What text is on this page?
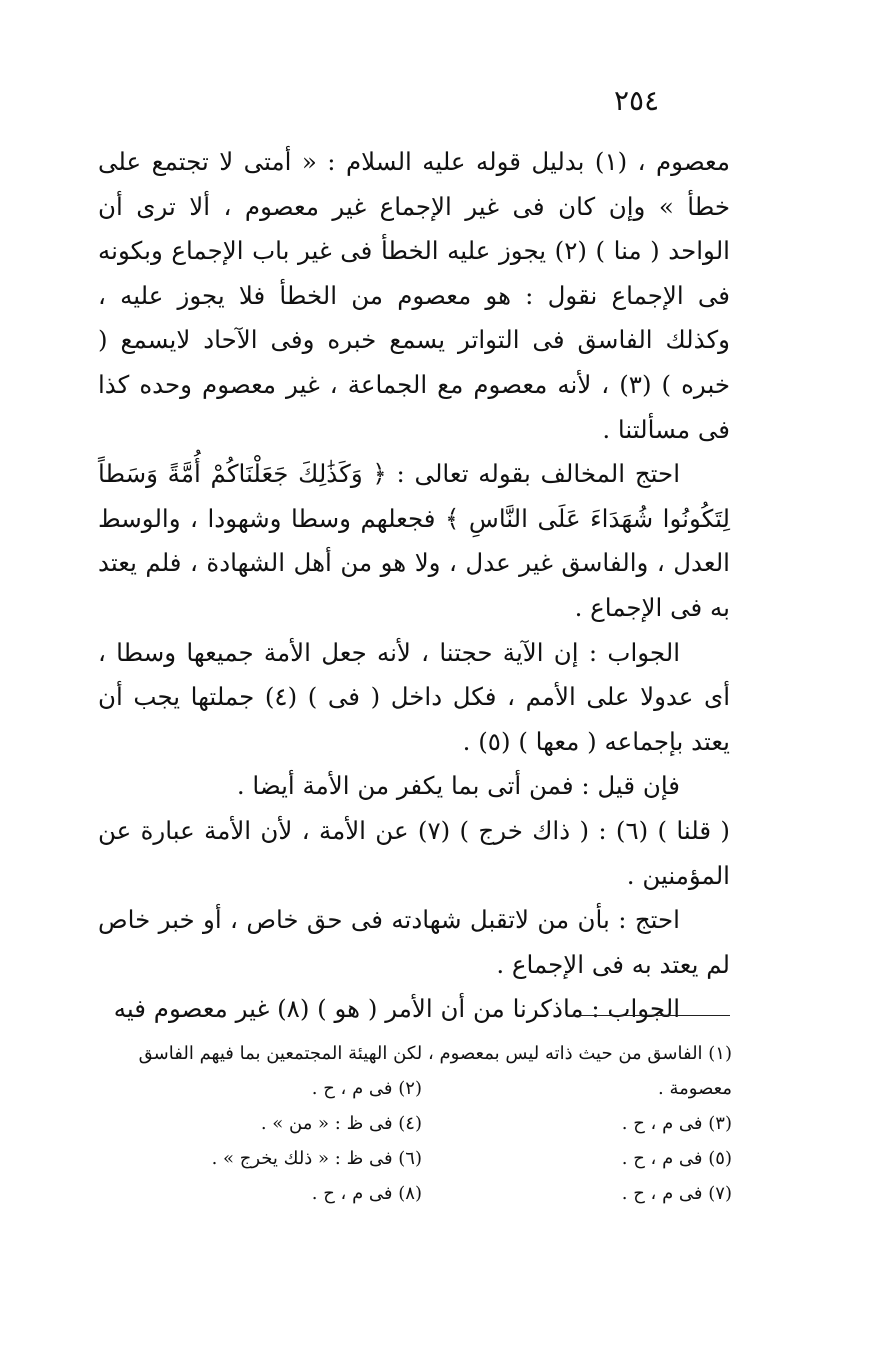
٢٥٤

معصوم ، (١) بدليل قوله عليه السلام : « أمتى لا تجتمع على خطأ » وإن كان فى غير الإجماع غير معصوم ، ألا ترى أن الواحد ( منا ) (٢) يجوز عليه الخطأ فى غير باب الإجماع وبكونه فى الإجماع نقول : هو معصوم من الخطأ فلا يجوز عليه ، وكذلك الفاسق فى التواتر يسمع خبره وفى الآحاد لايسمع ( خبره ) (٣) ، لأنه معصوم مع الجماعة ، غير معصوم وحده كذا فى مسألتنا .

احتج المخالف بقوله تعالى : ﴿ وَكَذَٰلِكَ جَعَلْنَاكُمْ أُمَّةً وَسَطاً لِتَكُونُوا شُهَدَاءَ عَلَى النَّاسِ ﴾ فجعلهم وسطا وشهودا ، والوسط العدل ، والفاسق غير عدل ، ولا هو من أهل الشهادة ، فلم يعتد به فى الإجماع .

الجواب : إن الآية حجتنا ، لأنه جعل الأمة جميعها وسطا ، أى عدولا على الأمم ، فكل داخل ( فى ) (٤) جملتها يجب أن يعتد بإجماعه ( معها ) (٥) .

فإن قيل : فمن أتى بما يكفر من الأمة أيضا .

( قلنا ) (٦) : ( ذاك خرج ) (٧) عن الأمة ، لأن الأمة عبارة عن المؤمنين .

احتج : بأن من لاتقبل شهادته فى حق خاص ، أو خبر خاص لم يعتد به فى الإجماع .

الجواب : ماذكرنا من أن الأمر ( هو ) (٨) غير معصوم فيه

(١) الفاسق من حيث ذاته ليس بمعصوم ، لكن الهيئة المجتمعين بما فيهم الفاسق

معصومة .
(٢) فى م ، ح .
(٣) فى م ، ح .
(٤) فى ظ : « من » .
(٥) فى م ، ح .
(٦) فى ظ : « ذلك يخرج » .
(٧) فى م ، ح .
(٨) فى م ، ح .
